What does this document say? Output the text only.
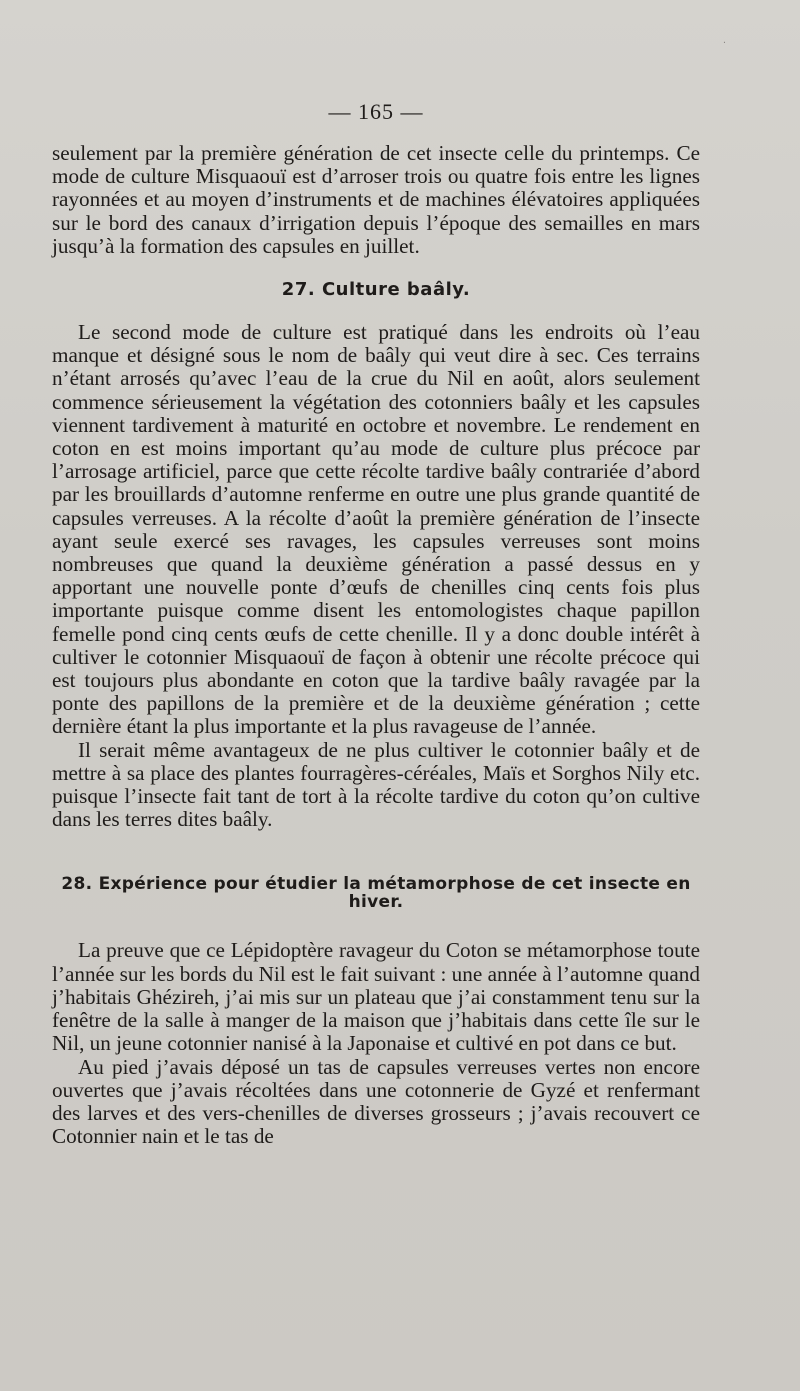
·
— 165 —

seulement par la première génération de cet insecte celle du printemps. Ce mode de culture Misquaouï est d’arroser trois ou quatre fois entre les lignes rayonnées et au moyen d’instruments et de machines élévatoires appliquées sur le bord des canaux d’irrigation depuis l’époque des semailles en mars jusqu’à la formation des capsules en juillet.

27. Culture baâly.

Le second mode de culture est pratiqué dans les endroits où l’eau manque et désigné sous le nom de baâly qui veut dire à sec. Ces terrains n’étant arrosés qu’avec l’eau de la crue du Nil en août, alors seulement commence sérieusement la végétation des cotonniers baâly et les capsules viennent tardivement à maturité en octobre et novembre. Le rendement en coton en est moins important qu’au mode de culture plus précoce par l’arrosage artificiel, parce que cette récolte tardive baâly contrariée d’abord par les brouillards d’automne renferme en outre une plus grande quantité de capsules verreuses. A la récolte d’août la première génération de l’insecte ayant seule exercé ses ravages, les capsules verreuses sont moins nombreuses que quand la deuxième génération a passé dessus en y apportant une nouvelle ponte d’œufs de chenilles cinq cents fois plus importante puisque comme disent les entomologistes chaque papillon femelle pond cinq cents œufs de cette chenille. Il y a donc double intérêt à cultiver le cotonnier Misquaouï de façon à obtenir une récolte précoce qui est toujours plus abondante en coton que la tardive baâly ravagée par la ponte des papillons de la première et de la deuxième génération ; cette dernière étant la plus importante et la plus ravageuse de l’année.

Il serait même avantageux de ne plus cultiver le cotonnier baâly et de mettre à sa place des plantes fourragères-céréales, Maïs et Sorghos Nily etc. puisque l’insecte fait tant de tort à la récolte tardive du coton qu’on cultive dans les terres dites baâly.

28. Expérience pour étudier la métamorphose de cet insecte en hiver.

La preuve que ce Lépidoptère ravageur du Coton se métamorphose toute l’année sur les bords du Nil est le fait suivant : une année à l’automne quand j’habitais Ghézireh, j’ai mis sur un plateau que j’ai constamment tenu sur la fenêtre de la salle à manger de la maison que j’habitais dans cette île sur le Nil, un jeune cotonnier nanisé à la Japonaise et cultivé en pot dans ce but.

Au pied j’avais déposé un tas de capsules verreuses vertes non encore ouvertes que j’avais récoltées dans une cotonnerie de Gyzé et renfermant des larves et des vers-chenilles de diverses grosseurs ; j’avais recouvert ce Cotonnier nain et le tas de
